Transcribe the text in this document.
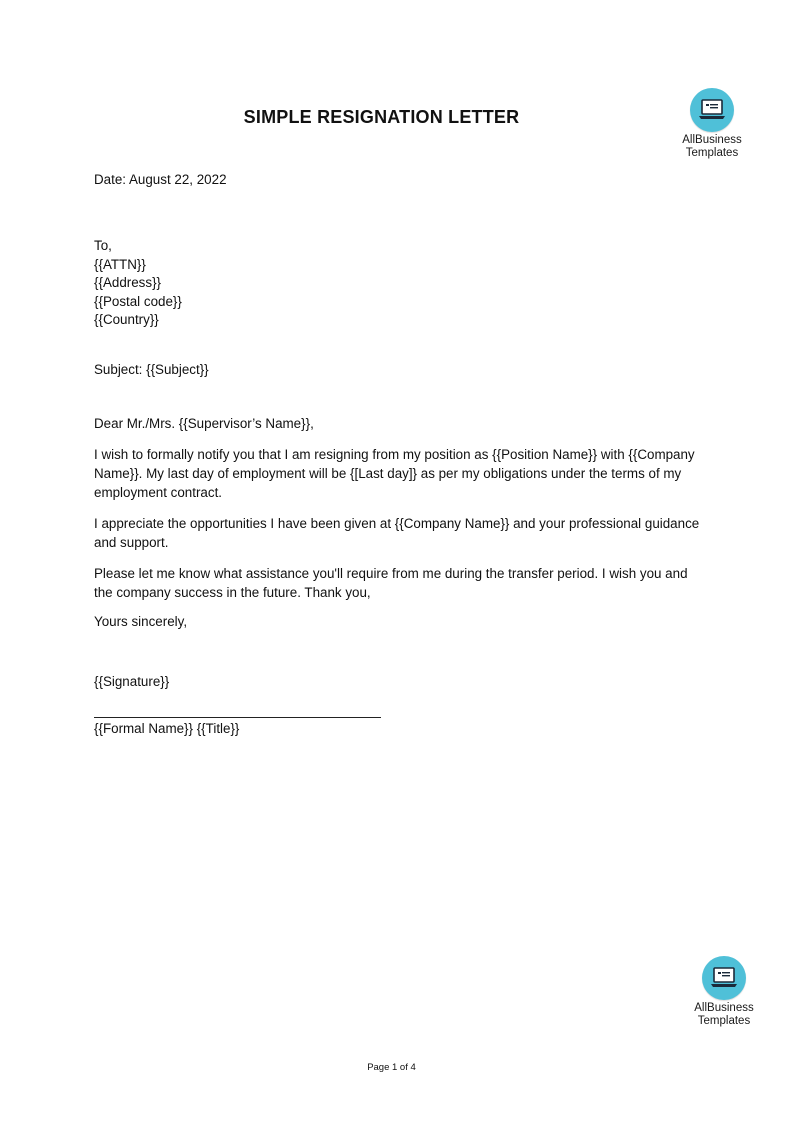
SIMPLE RESIGNATION LETTER
AllBusiness
Templates
Date: August 22, 2022
To,
{{ATTN}}
{{Address}}
{{Postal code}}
{{Country}}
Subject: {{Subject}}
Dear Mr./Mrs. {{Supervisor’s Name}},
I wish to formally notify you that I am resigning from my position as {{Position Name}} with {{Company Name}}. My last day of employment will be {[Last day]} as per my obligations under the terms of my employment contract.
I appreciate the opportunities I have been given at {{Company Name}} and your professional guidance and support.
Please let me know what assistance you'll require from me during the transfer period. I wish you and the company success in the future. Thank you,
Yours sincerely,
{{Signature}}
{{Formal Name}} {{Title}}
AllBusiness
Templates
Page 1 of 4
